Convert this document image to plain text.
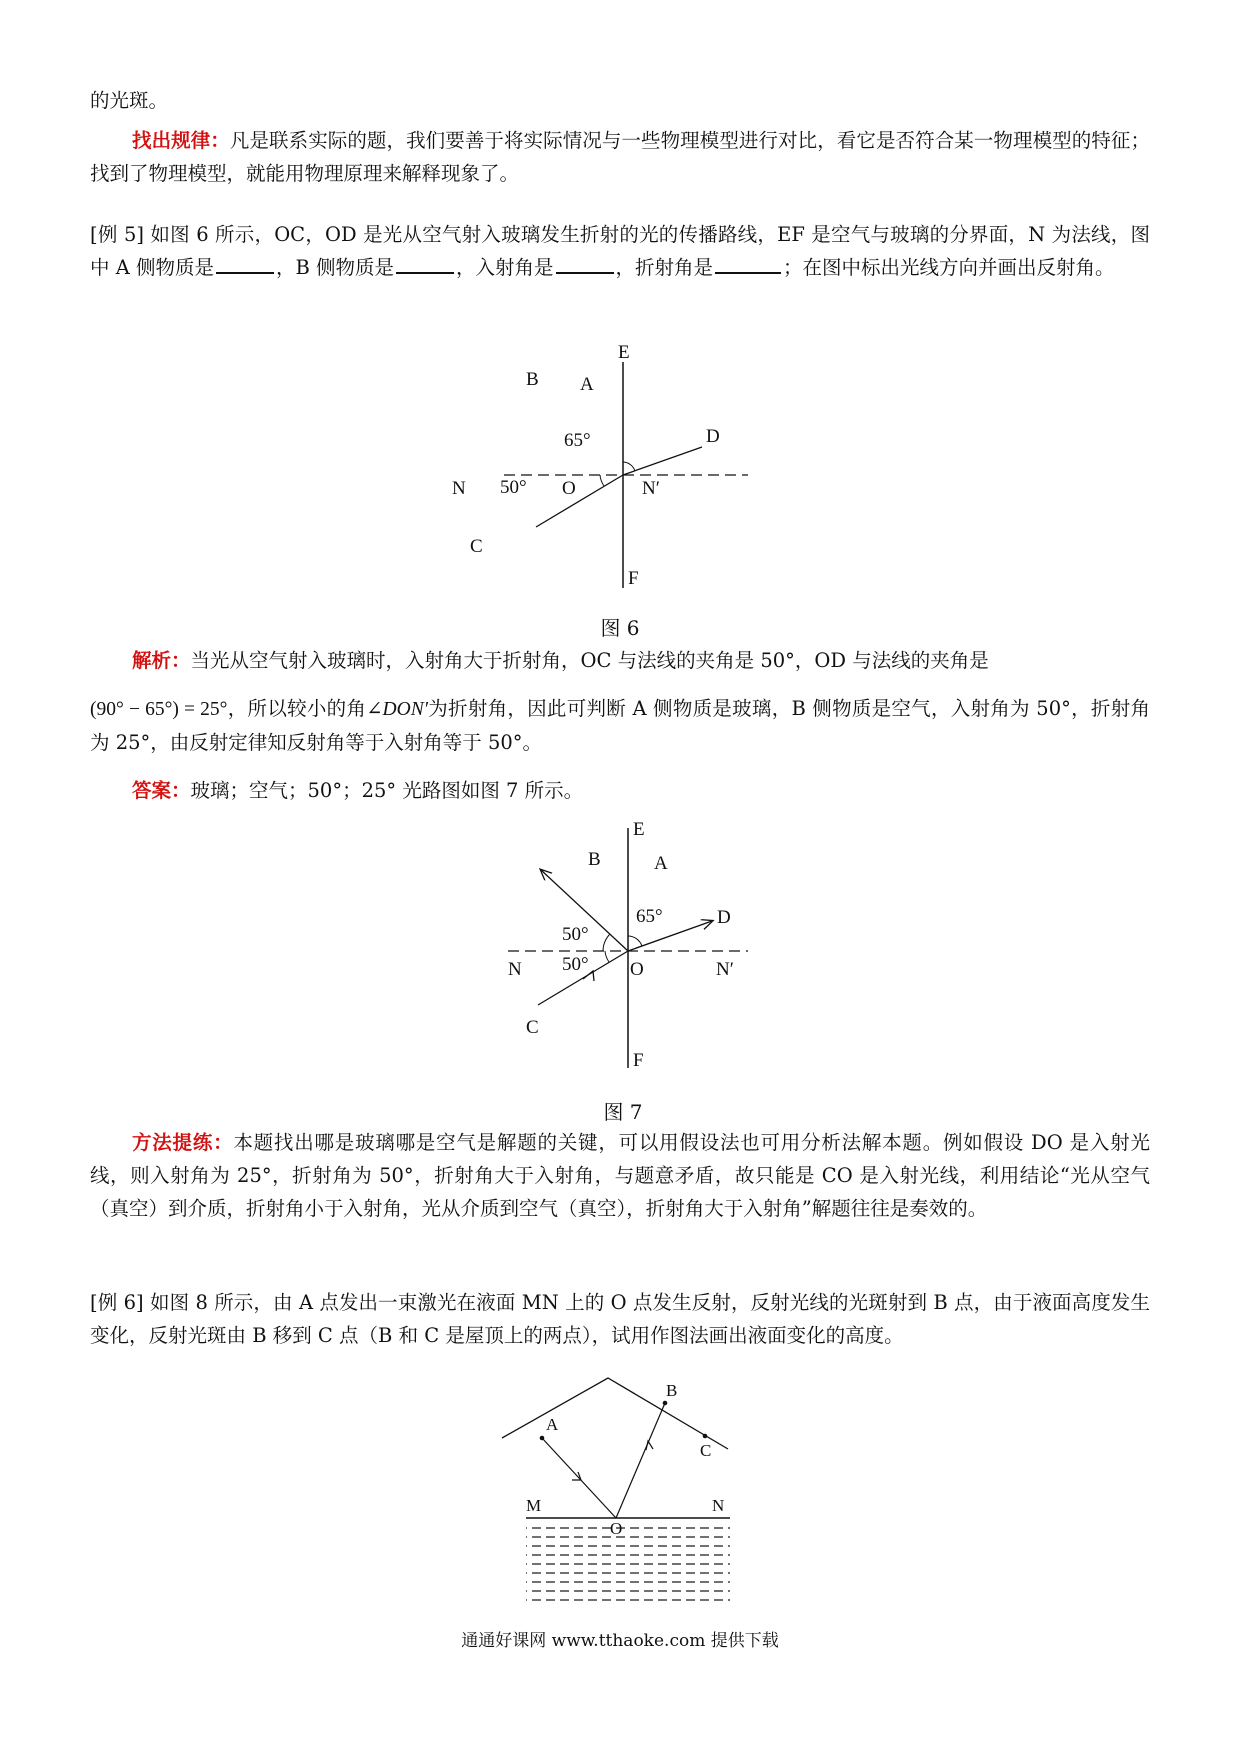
的光斑。
找出规律：凡是联系实际的题，我们要善于将实际情况与一些物理模型进行对比，看它是否符合某一物理模型的特征；找到了物理模型，就能用物理原理来解释现象了。
[例 5] 如图 6 所示，OC，OD 是光从空气射入玻璃发生折射的光的传播路线，EF 是空气与玻璃的分界面，N 为法线，图中 A 侧物质是	，B 侧物质是	，入射角是	，折射角是	；在图中标出光线方向并画出反射角。
E
B A
65°	D
N 50° O	N′
C
F
图 6
解析：当光从空气射入玻璃时，入射角大于折射角，OC 与法线的夹角是 50°，OD 与法线的夹角是
(90° − 65°) = 25°，所以较小的角∠DON′为折射角，因此可判断 A 侧物质是玻璃，B 侧物质是空气，入射角为 50°，折射角为 25°，由反射定律知反射角等于入射角等于 50°。
答案：玻璃；空气；50°；25° 光路图如图 7 所示。
E
B	A
65°	D
50°
N 50° O	N′
C
F
图 7
方法提练：本题找出哪是玻璃哪是空气是解题的关键，可以用假设法也可用分析法解本题。例如假设 DO 是入射光线，则入射角为 25°，折射角为 50°，折射角大于入射角，与题意矛盾，故只能是 CO 是入射光线，利用结论“光从空气（真空）到介质，折射角小于入射角，光从介质到空气（真空），折射角大于入射角”解题往往是奏效的。
[例 6] 如图 8 所示，由 A 点发出一束激光在液面 MN 上的 O 点发生反射，反射光线的光斑射到 B 点，由于液面高度发生变化，反射光斑由 B 移到 C 点（B 和 C 是屋顶上的两点），试用作图法画出液面变化的高度。
A
B
C
M	N
O
通通好课网 www.tthaoke.com 提供下载
